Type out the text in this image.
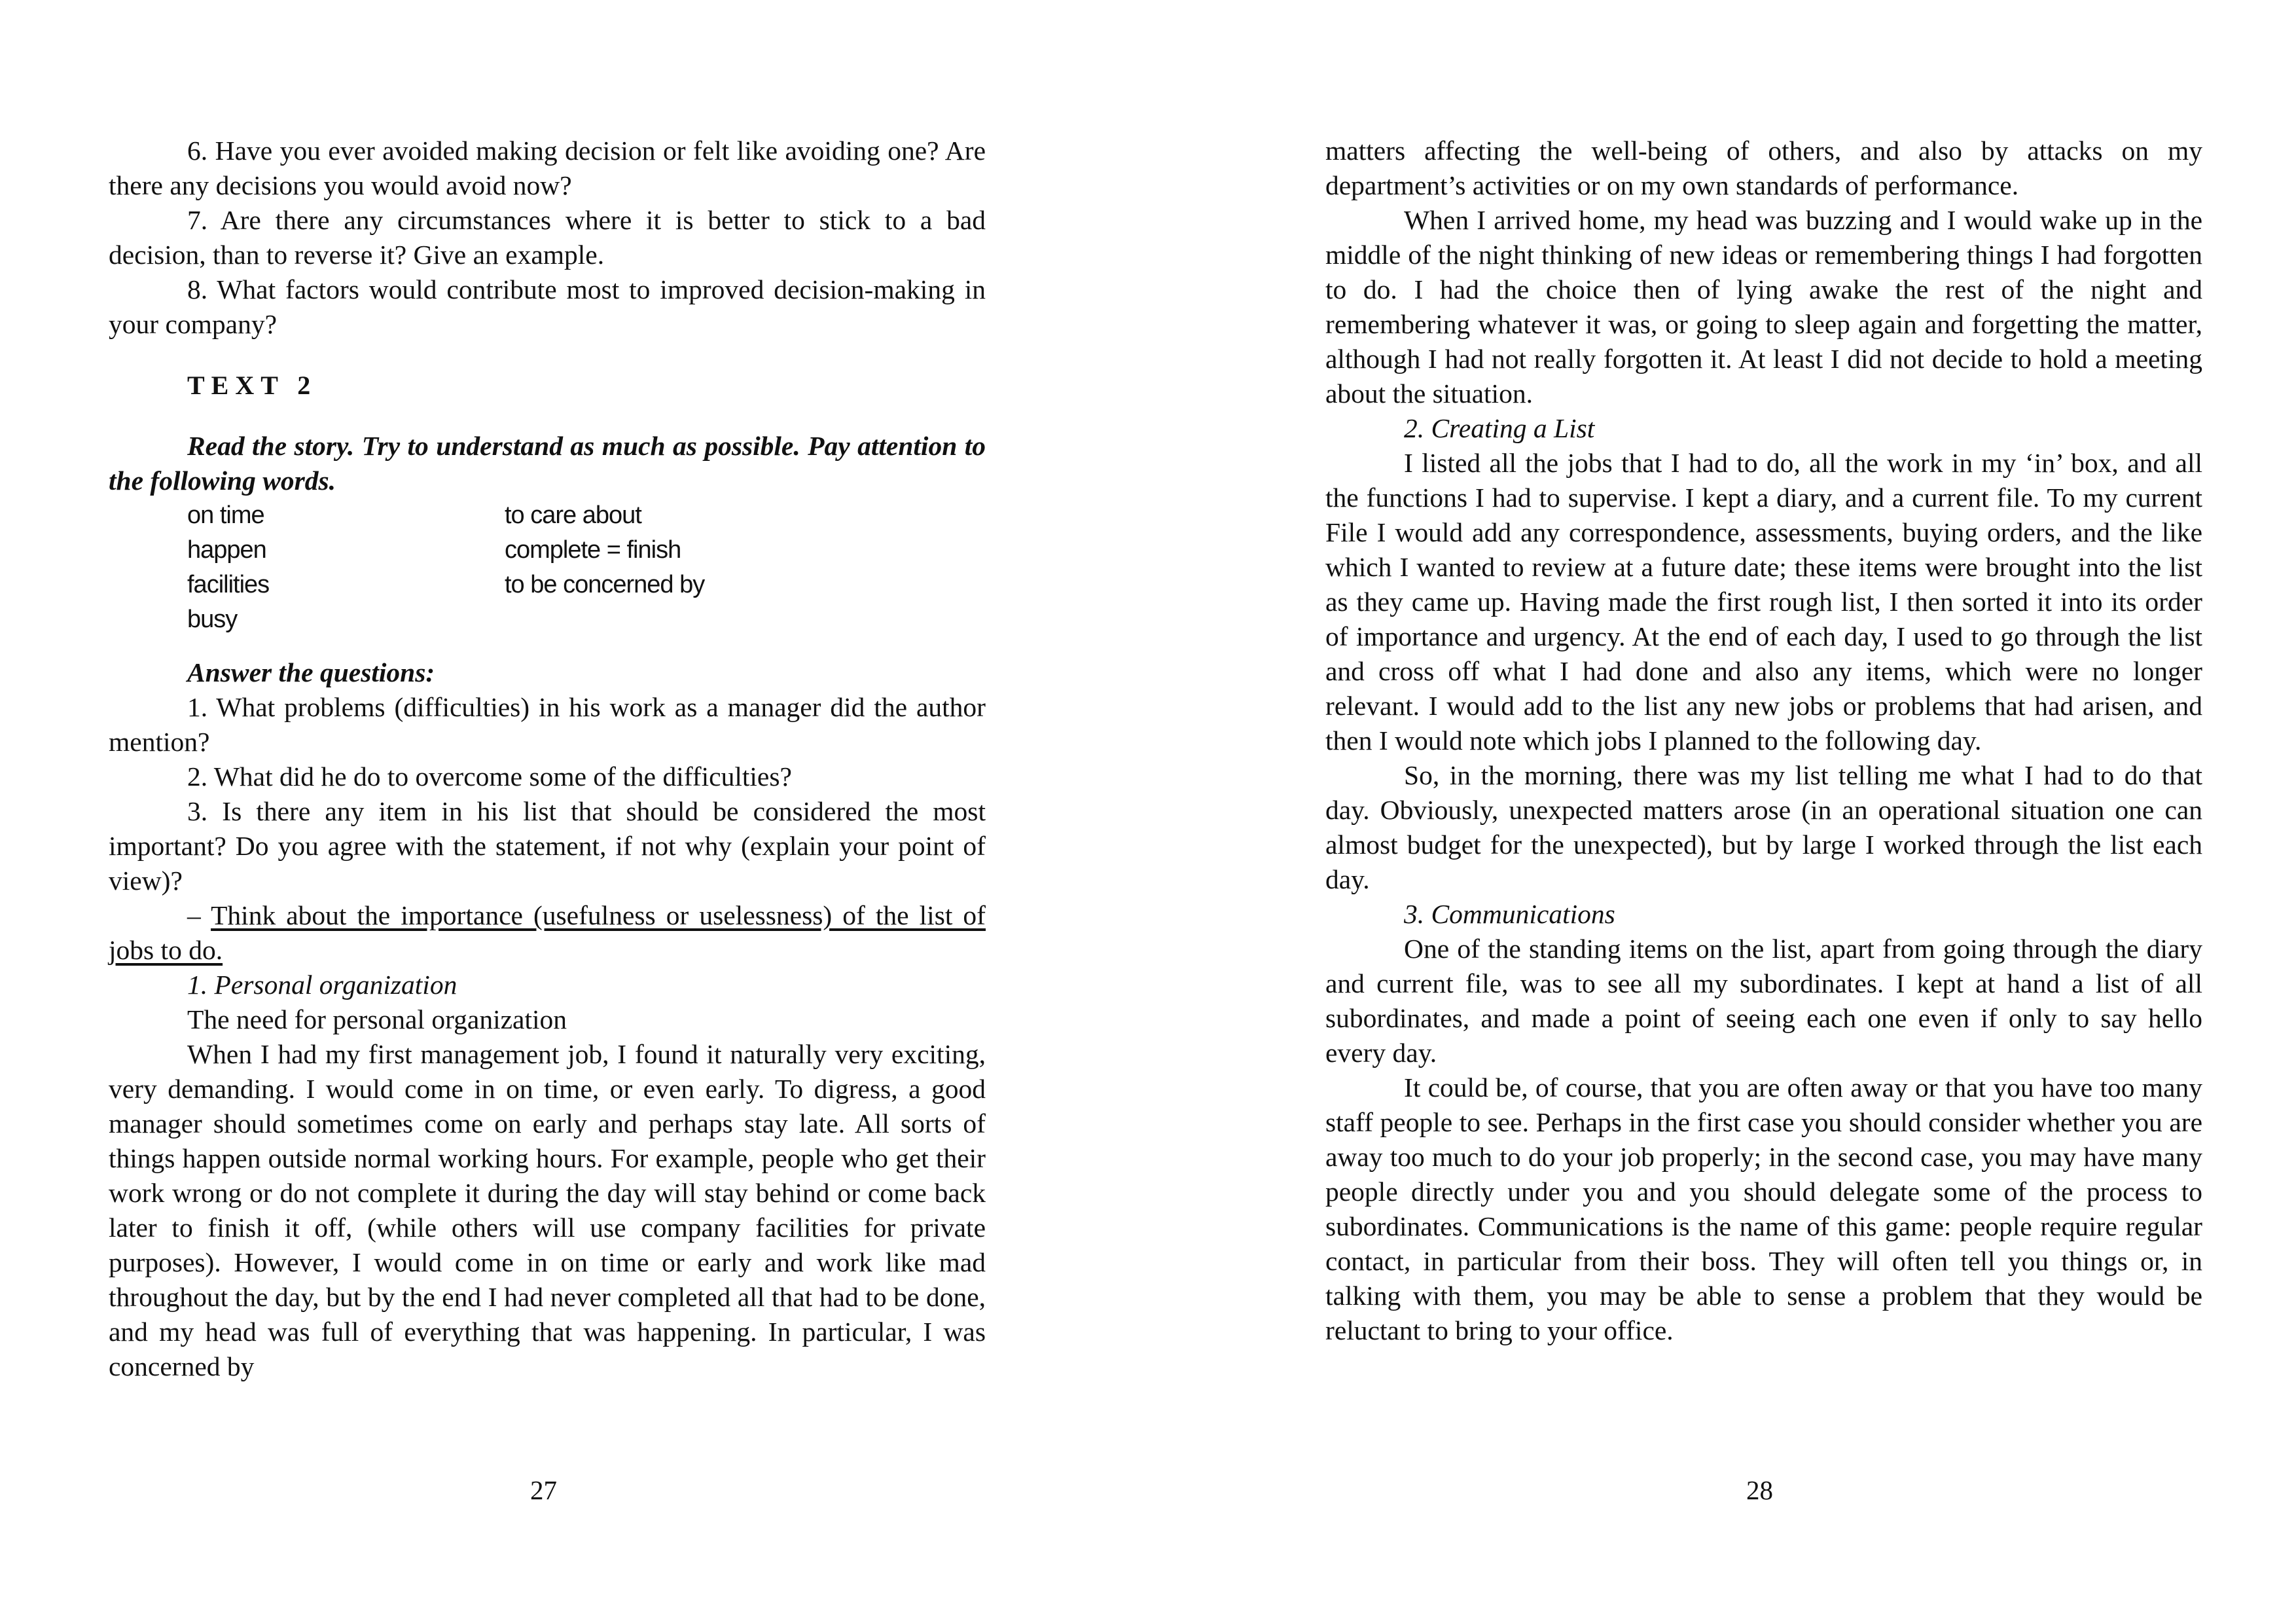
6. Have you ever avoided making decision or felt like avoiding one? Are there any decisions you would avoid now?

7. Are there any circumstances where it is better to stick to a bad decision, than to reverse it? Give an example.

8. What factors would contribute most to improved decision-making in your company?

TEXT 2

Read the story. Try to understand as much as possible. Pay attention to the following words.

on time	to care about
happen	complete = finish
facilities	to be concerned by
busy

Answer the questions:

1. What problems (difficulties) in his work as a manager did the author mention?

2. What did he do to overcome some of the difficulties?

3. Is there any item in his list that should be considered the most important? Do you agree with the statement, if not why (explain your point of view)?

– Think about the importance (usefulness or uselessness) of the list of jobs to do.

1. Personal organization

The need for personal organization

When I had my first management job, I found it naturally very exciting, very demanding. I would come in on time, or even early. To digress, a good manager should sometimes come on early and perhaps stay late. All sorts of things happen outside normal working hours. For example, people who get their work wrong or do not complete it during the day will stay behind or come back later to finish it off, (while others will use company facilities for private purposes). However, I would come in on time or early and work like mad throughout the day, but by the end I had never completed all that had to be done, and my head was full of everything that was happening. In particular, I was concerned by

27

matters affecting the well-being of others, and also by attacks on my department’s activities or on my own standards of performance.

When I arrived home, my head was buzzing and I would wake up in the middle of the night thinking of new ideas or remembering things I had forgotten to do. I had the choice then of lying awake the rest of the night and remembering whatever it was, or going to sleep again and forgetting the matter, although I had not really forgotten it. At least I did not decide to hold a meeting about the situation.

2. Creating a List

I listed all the jobs that I had to do, all the work in my ‘in’ box, and all the functions I had to supervise. I kept a diary, and a current file. To my current File I would add any correspondence, assessments, buying orders, and the like which I wanted to review at a future date; these items were brought into the list as they came up. Having made the first rough list, I then sorted it into its order of importance and urgency. At the end of each day, I used to go through the list and cross off what I had done and also any items, which were no longer relevant. I would add to the list any new jobs or problems that had arisen, and then I would note which jobs I planned to the following day.

So, in the morning, there was my list telling me what I had to do that day. Obviously, unexpected matters arose (in an operational situation one can almost budget for the unexpected), but by large I worked through the list each day.

3. Communications

One of the standing items on the list, apart from going through the diary and current file, was to see all my subordinates. I kept at hand a list of all subordinates, and made a point of seeing each one even if only to say hello every day.

It could be, of course, that you are often away or that you have too many staff people to see. Perhaps in the first case you should consider whether you are away too much to do your job properly; in the second case, you may have many people directly under you and you should delegate some of the process to subordinates. Communications is the name of this game: people require regular contact, in particular from their boss. They will often tell you things or, in talking with them, you may be able to sense a problem that they would be reluctant to bring to your office.

28
